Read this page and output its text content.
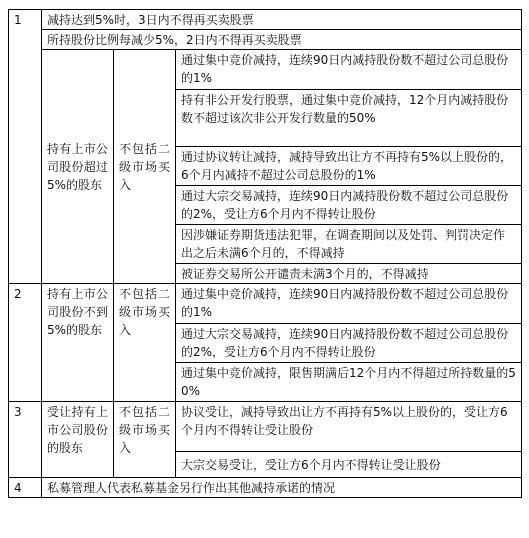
1	减持达到5%时，3日内不得再买卖股票		
	所持股份比例每减少5%，2日内不得再买卖股票		
	持有上市公司股份超过5%的股东	不包括二级市场买入	通过集中竞价减持，连续90日内减持股份数不超过公司总股份的1%
			持有非公开发行股票，通过集中竞价减持，12个月内减持股份数不超过该次非公开发行数量的50%
			通过协议转让减持，减持导致出让方不再持有5%以上股份的，6个月内减持不超过公司总股份的1%
			通过大宗交易减持，连续90日内减持股份数不超过公司总股份的2%，受让方6个月内不得转让股份
			因涉嫌证券期货违法犯罪，在调查期间以及处罚、判罚决定作出之后未满6个月的，不得减持
			被证券交易所公开谴责未满3个月的，不得减持
2	持有上市公司股份不到5%的股东	不包括二级市场买入	通过集中竞价减持，连续90日内减持股份数不超过公司总股份的1%
			通过大宗交易减持，连续90日内减持股份数不超过公司总股份的2%，受让方6个月内不得转让股份
			通过集中竞价减持，限售期满后12个月内不得超过所持数量的50%
3	受让持有上市公司股份的股东	不包括二级市场买入	协议受让，减持导致出让方不再持有5%以上股份的，受让方6个月内不得转让受让股份
			大宗交易受让，受让方6个月内不得转让受让股份
4	私募管理人代表私募基金另行作出其他减持承诺的情况		
